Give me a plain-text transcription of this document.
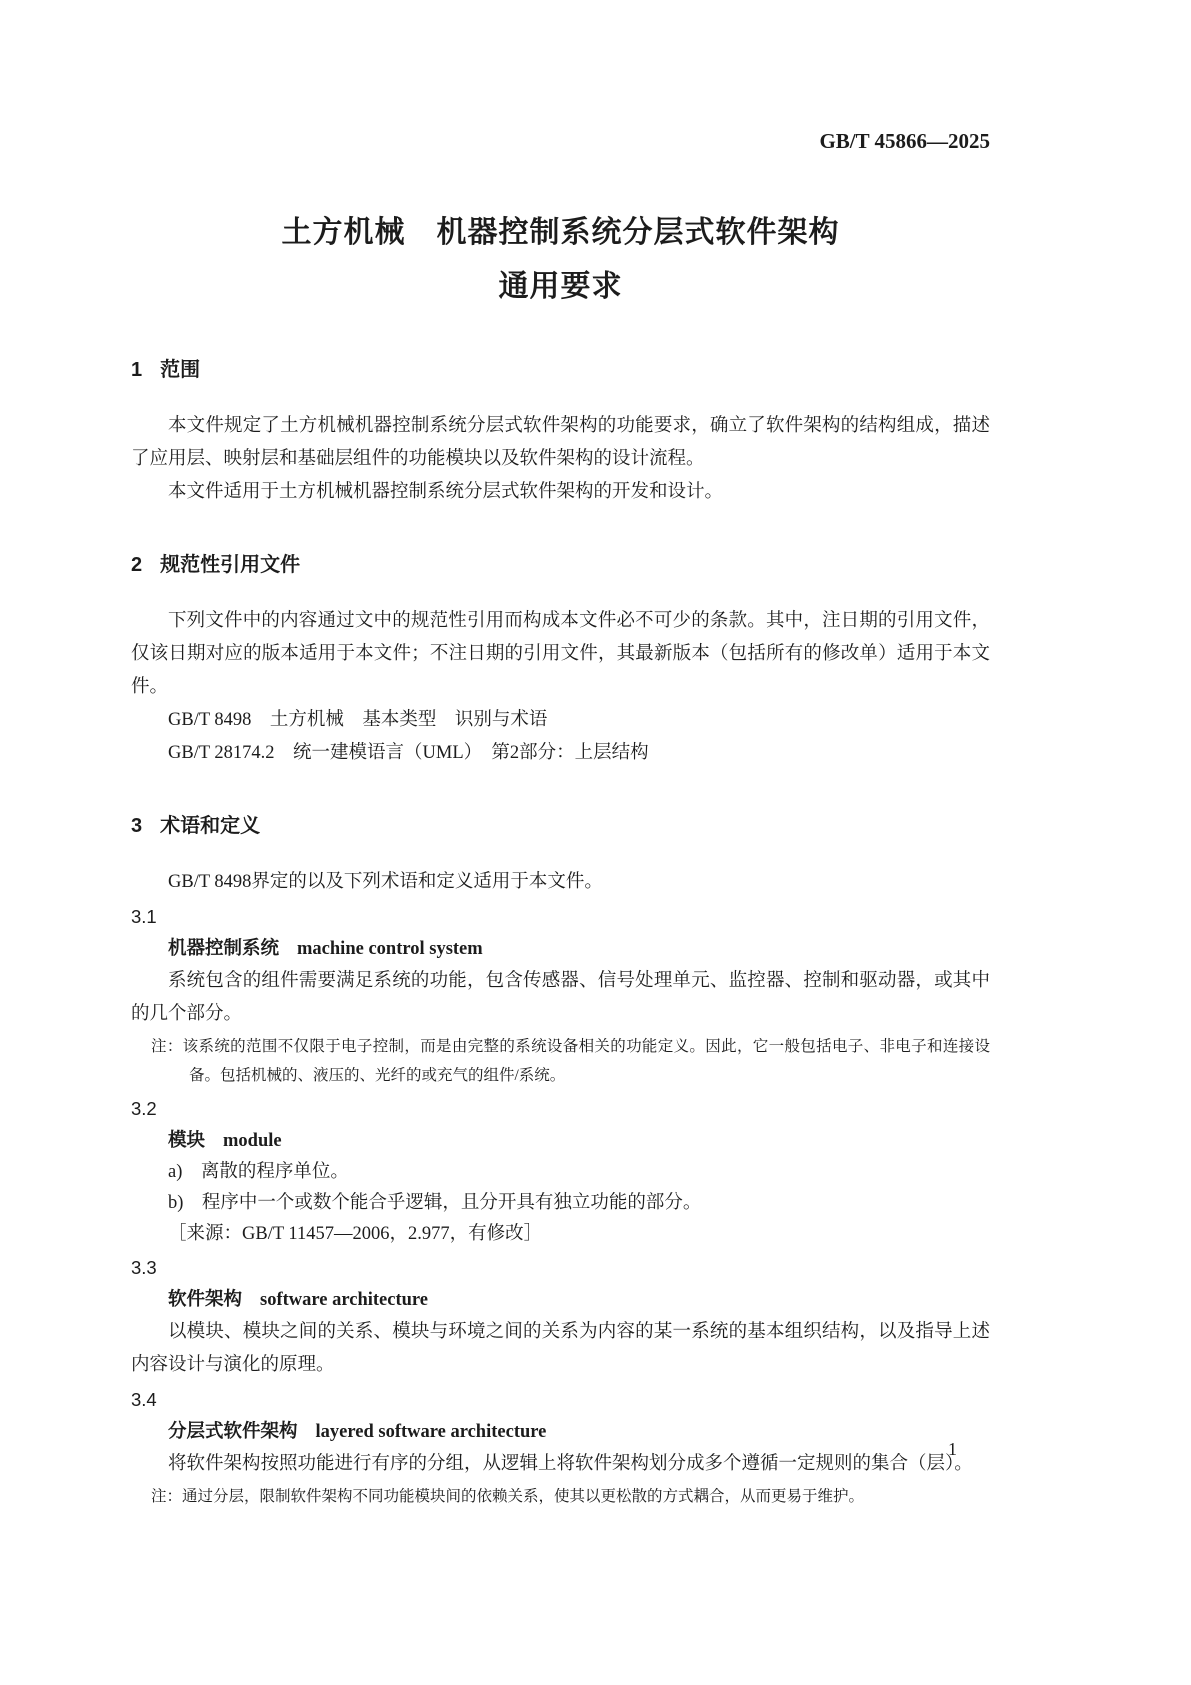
GB/T 45866—2025
土方机械　机器控制系统分层式软件架构
通用要求
1 范围

本文件规定了土方机械机器控制系统分层式软件架构的功能要求，确立了软件架构的结构组成，描述了应用层、映射层和基础层组件的功能模块以及软件架构的设计流程。

本文件适用于土方机械机器控制系统分层式软件架构的开发和设计。

2 规范性引用文件

下列文件中的内容通过文中的规范性引用而构成本文件必不可少的条款。其中，注日期的引用文件，仅该日期对应的版本适用于本文件；不注日期的引用文件，其最新版本（包括所有的修改单）适用于本文件。

GB/T 8498　土方机械　基本类型　识别与术语

GB/T 28174.2　统一建模语言（UML）　第2部分：上层结构

3 术语和定义

GB/T 8498界定的以及下列术语和定义适用于本文件。

3.1
机器控制系统 machine control system

系统包含的组件需要满足系统的功能，包含传感器、信号处理单元、监控器、控制和驱动器，或其中的几个部分。

注：该系统的范围不仅限于电子控制，而是由完整的系统设备相关的功能定义。因此，它一般包括电子、非电子和连接设备。包括机械的、液压的、光纤的或充气的组件/系统。

3.2
模块 module

a)　离散的程序单位。

b)　程序中一个或数个能合乎逻辑，且分开具有独立功能的部分。

［来源：GB/T 11457—2006，2.977，有修改］

3.3
软件架构 software architecture

以模块、模块之间的关系、模块与环境之间的关系为内容的某一系统的基本组织结构，以及指导上述内容设计与演化的原理。

3.4
分层式软件架构 layered software architecture

将软件架构按照功能进行有序的分组，从逻辑上将软件架构划分成多个遵循一定规则的集合（层）。

注：通过分层，限制软件架构不同功能模块间的依赖关系，使其以更松散的方式耦合，从而更易于维护。

1
